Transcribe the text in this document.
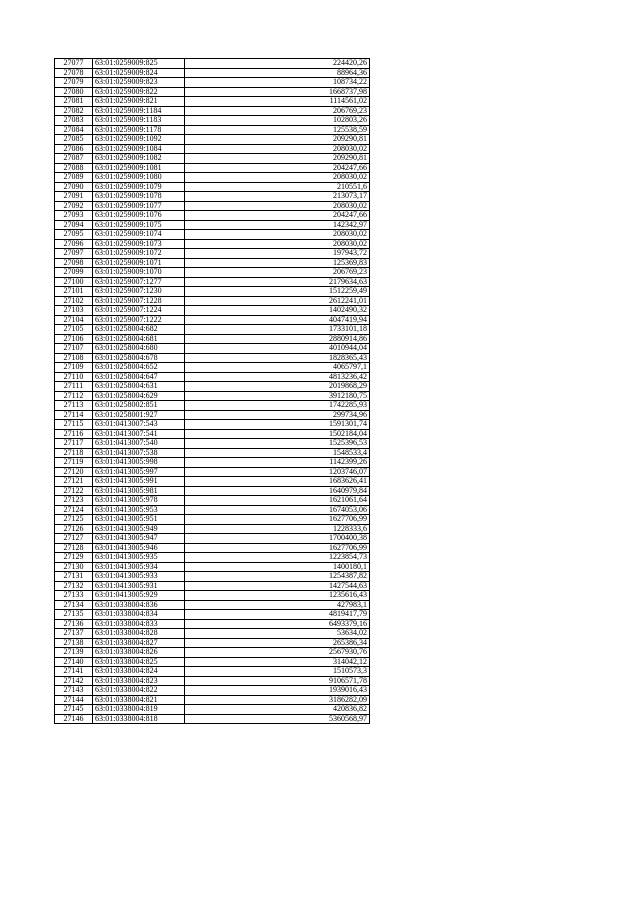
27077	63:01:0259009:825	224420,26
27078	63:01:0259009:824	88964,36
27079	63:01:0259009:823	108734,22
27080	63:01:0259009:822	1668737,98
27081	63:01:0259009:821	1114561,02
27082	63:01:0259009:1184	206769,23
27083	63:01:0259009:1183	102803,26
27084	63:01:0259009:1178	125538,59
27085	63:01:0259009:1092	209290,81
27086	63:01:0259009:1084	208030,02
27087	63:01:0259009:1082	209290,81
27088	63:01:0259009:1081	204247,66
27089	63:01:0259009:1080	208030,02
27090	63:01:0259009:1079	210551,6
27091	63:01:0259009:1078	213073,17
27092	63:01:0259009:1077	208030,02
27093	63:01:0259009:1076	204247,66
27094	63:01:0259009:1075	142342,97
27095	63:01:0259009:1074	208030,02
27096	63:01:0259009:1073	208030,02
27097	63:01:0259009:1072	197943,72
27098	63:01:0259009:1071	125369,83
27099	63:01:0259009:1070	206769,23
27100	63:01:0259007:1277	2179634,63
27101	63:01:0259007:1230	1512259,49
27102	63:01:0259007:1228	2612241,01
27103	63:01:0259007:1224	1402490,32
27104	63:01:0259007:1222	4047419,94
27105	63:01:0258004:682	1733101,18
27106	63:01:0258004:681	2880914,86
27107	63:01:0258004:680	4010944,04
27108	63:01:0258004:678	1828365,43
27109	63:01:0258004:652	4065797,1
27110	63:01:0258004:647	4813236,42
27111	63:01:0258004:631	2019868,29
27112	63:01:0258004:629	3912180,75
27113	63:01:0258002:851	1742285,93
27114	63:01:0258001:927	299734,96
27115	63:01:0413007:543	1591301,74
27116	63:01:0413007:541	1502184,04
27117	63:01:0413007:540	1525396,53
27118	63:01:0413007:538	1548533,4
27119	63:01:0413005:998	1142399,26
27120	63:01:0413005:997	1203746,07
27121	63:01:0413005:991	1683626,41
27122	63:01:0413005:981	1640979,84
27123	63:01:0413005:978	1621061,64
27124	63:01:0413005:953	1674053,06
27125	63:01:0413005:951	1627706,99
27126	63:01:0413005:949	1228333,6
27127	63:01:0413005:947	1700400,38
27128	63:01:0413005:946	1627706,99
27129	63:01:0413005:935	1223854,73
27130	63:01:0413005:934	1400180,1
27131	63:01:0413005:933	1254387,82
27132	63:01:0413005:931	1427544,63
27133	63:01:0413005:929	1235616,43
27134	63:01:0338004:836	427983,1
27135	63:01:0338004:834	4819417,79
27136	63:01:0338004:833	6493379,16
27137	63:01:0338004:828	53634,02
27138	63:01:0338004:827	265386,34
27139	63:01:0338004:826	2567930,76
27140	63:01:0338004:825	314042,12
27141	63:01:0338004:824	1510573,3
27142	63:01:0338004:823	9106571,78
27143	63:01:0338004:822	1939016,43
27144	63:01:0338004:821	3186282,09
27145	63:01:0338004:819	420836,82
27146	63:01:0338004:818	5360568,97
